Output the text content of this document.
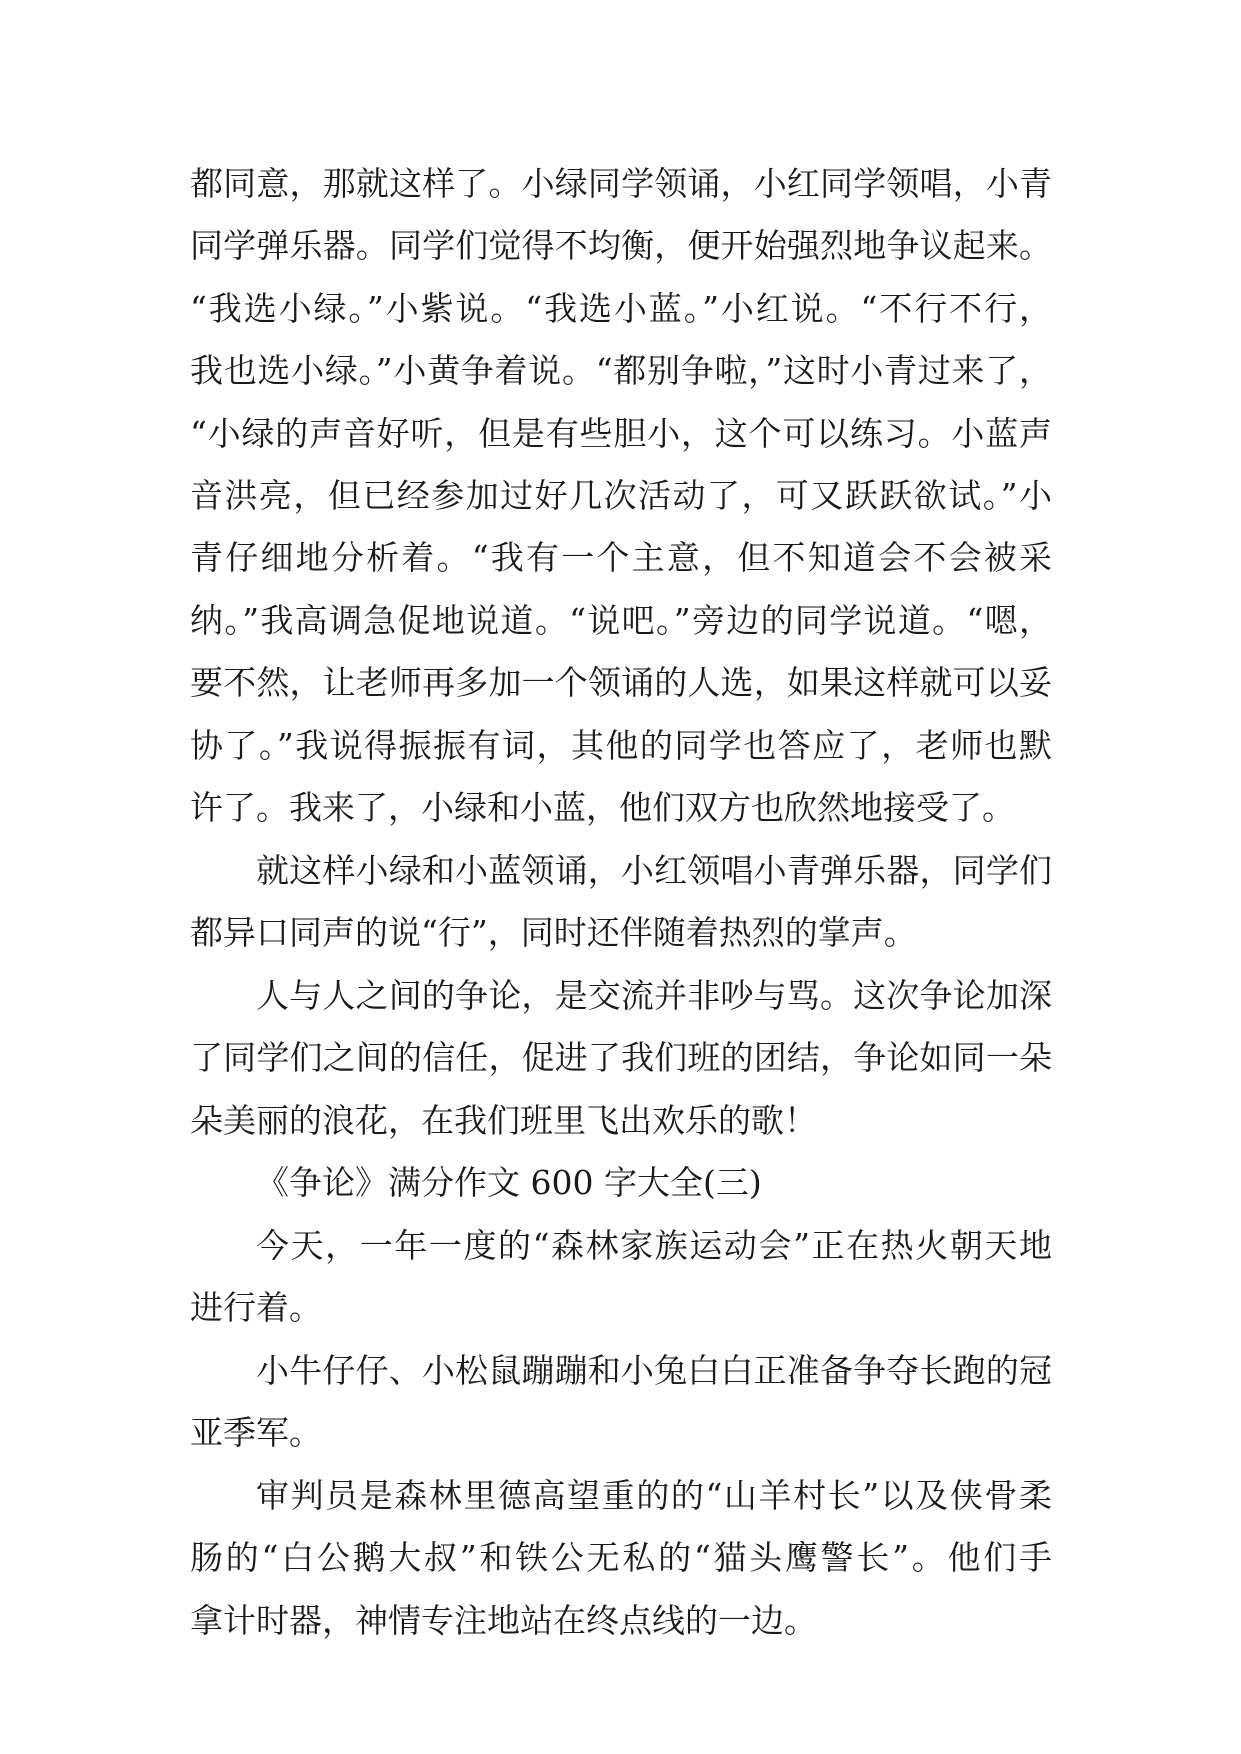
都同意，那就这样了。小绿同学领诵，小红同学领唱，小青
同学弹乐器。同学们觉得不均衡，便开始强烈地争议起来。
“我选小绿。”小紫说。“我选小蓝。”小红说。“不行不行，
我也选小绿。”小黄争着说。“都别争啦，”这时小青过来了，
“小绿的声音好听，但是有些胆小，这个可以练习。小蓝声
音洪亮，但已经参加过好几次活动了，可又跃跃欲试。”小
青仔细地分析着。“我有一个主意，但不知道会不会被采
纳。”我高调急促地说道。“说吧。”旁边的同学说道。“嗯，
要不然，让老师再多加一个领诵的人选，如果这样就可以妥
协了。”我说得振振有词，其他的同学也答应了，老师也默
许了。我来了，小绿和小蓝，他们双方也欣然地接受了。
就这样小绿和小蓝领诵，小红领唱小青弹乐器，同学们
都异口同声的说“行”，同时还伴随着热烈的掌声。
人与人之间的争论，是交流并非吵与骂。这次争论加深
了同学们之间的信任，促进了我们班的团结，争论如同一朵
朵美丽的浪花，在我们班里飞出欢乐的歌！
《争论》满分作文 600 字大全(三)
今天，一年一度的“森林家族运动会”正在热火朝天地
进行着。
小牛仔仔、小松鼠蹦蹦和小兔白白正准备争夺长跑的冠
亚季军。
审判员是森林里德高望重的的“山羊村长”以及侠骨柔
肠的“白公鹅大叔”和铁公无私的“猫头鹰警长”。他们手
拿计时器，神情专注地站在终点线的一边。
